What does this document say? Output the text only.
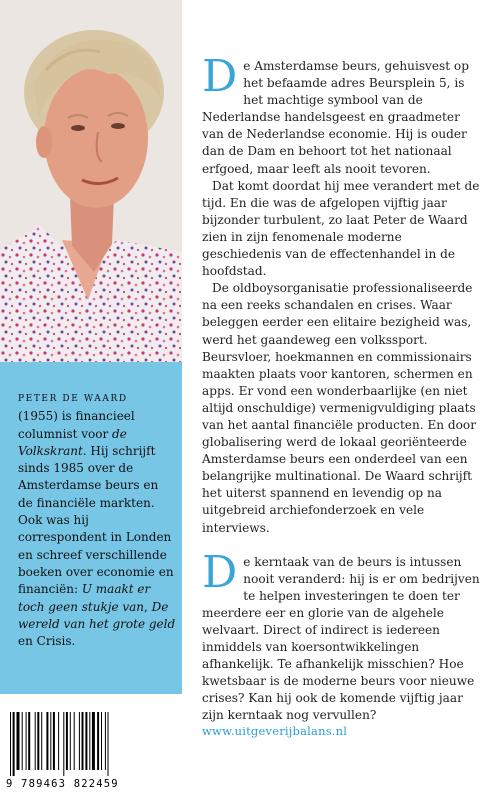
PETER DE WAARD
(1955) is financieel columnist voor de Volkskrant. Hij schrijft sinds 1985 over de Amsterdamse beurs en de financiële markten. Ook was hij correspondent in Londen en schreef verschillende boeken over economie en financiën: U maakt er toch geen stukje van, De wereld van het grote geld en Crisis.

9 789463 822459

De Amsterdamse beurs, gehuisvest op het befaamde adres Beursplein 5, is het machtige symbool van de Nederlandse handelsgeest en graadmeter van de Nederlandse economie. Hij is ouder dan de Dam en behoort tot het nationaal erfgoed, maar leeft als nooit tevoren.

Dat komt doordat hij mee verandert met de tijd. En die was de afgelopen vijftig jaar bijzonder turbulent, zo laat Peter de Waard zien in zijn fenomenale moderne geschiedenis van de effectenhandel in de hoofdstad.

De oldboysorganisatie professionaliseerde na een reeks schandalen en crises. Waar beleggen eerder een elitaire bezigheid was, werd het gaandeweg een volkssport. Beursvloer, hoekmannen en commissionairs maakten plaats voor kantoren, schermen en apps. Er vond een wonderbaarlijke (en niet altijd onschuldige) vermenigvuldiging plaats van het aantal financiële producten. En door globalisering werd de lokaal georiënteerde Amsterdamse beurs een onderdeel van een belangrijke multinational. De Waard schrijft het uiterst spannend en levendig op na uitgebreid archiefonderzoek en vele interviews.

De kerntaak van de beurs is intussen nooit veranderd: hij is er om bedrijven te helpen investeringen te doen ter meerdere eer en glorie van de algehele welvaart. Direct of indirect is iedereen inmiddels van koersontwikkelingen afhankelijk. Te afhankelijk misschien? Hoe kwetsbaar is de moderne beurs voor nieuwe crises? Kan hij ook de komende vijftig jaar zijn kerntaak nog vervullen?

www.uitgeverijbalans.nl
